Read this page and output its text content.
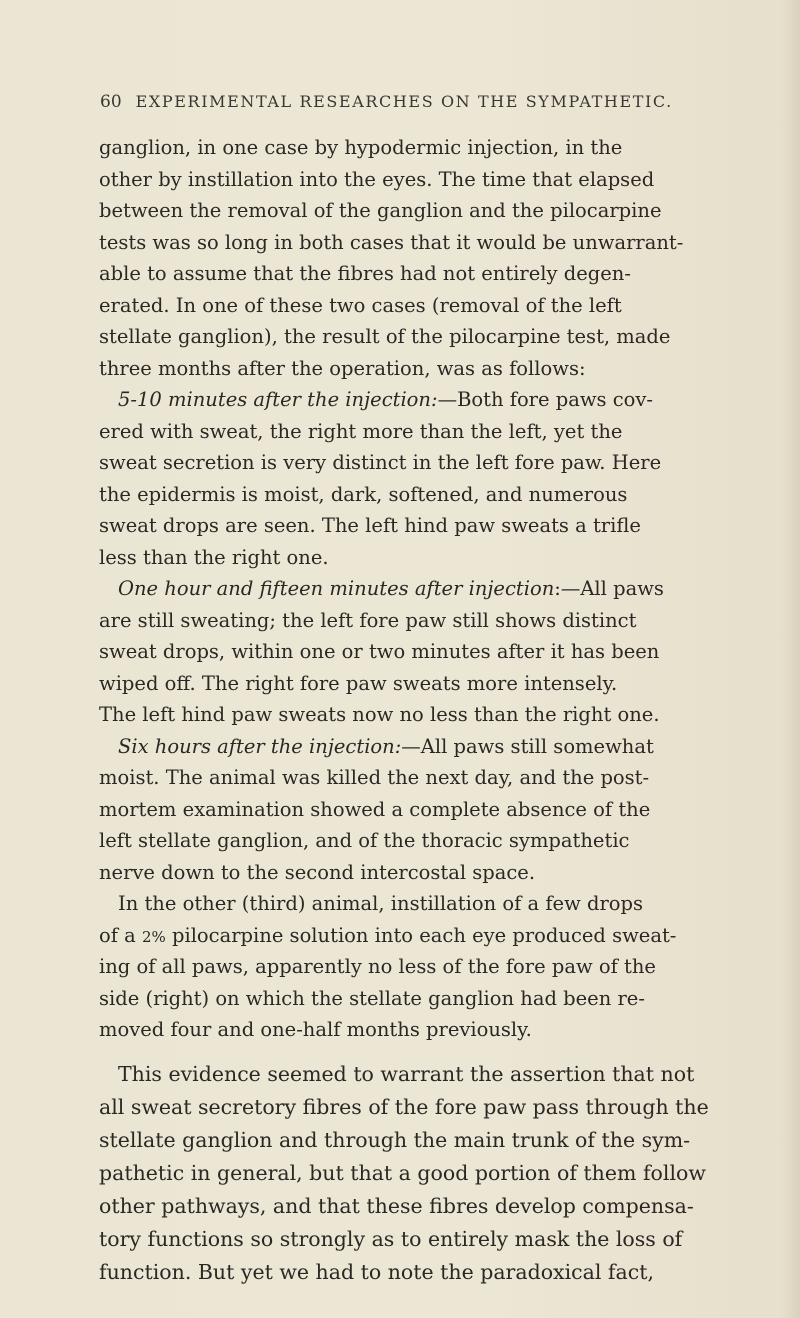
60 EXPERIMENTAL RESEARCHES ON THE SYMPATHETIC.
ganglion, in one case by hypodermic injection, in the
other by instillation into the eyes. The time that elapsed
between the removal of the ganglion and the pilocarpine
tests was so long in both cases that it would be unwarrant-
able to assume that the fibres had not entirely degen-
erated. In one of these two cases (removal of the left
stellate ganglion), the result of the pilocarpine test, made
three months after the operation, was as follows:
5-10 minutes after the injection:—Both fore paws cov-
ered with sweat, the right more than the left, yet the
sweat secretion is very distinct in the left fore paw. Here
the epidermis is moist, dark, softened, and numerous
sweat drops are seen. The left hind paw sweats a trifle
less than the right one.
One hour and fifteen minutes after injection:—All paws
are still sweating; the left fore paw still shows distinct
sweat drops, within one or two minutes after it has been
wiped off. The right fore paw sweats more intensely.
The left hind paw sweats now no less than the right one.
Six hours after the injection:—All paws still somewhat
moist. The animal was killed the next day, and the post-
mortem examination showed a complete absence of the
left stellate ganglion, and of the thoracic sympathetic
nerve down to the second intercostal space.
In the other (third) animal, instillation of a few drops
of a 2% pilocarpine solution into each eye produced sweat-
ing of all paws, apparently no less of the fore paw of the
side (right) on which the stellate ganglion had been re-
moved four and one-half months previously.
This evidence seemed to warrant the assertion that not
all sweat secretory fibres of the fore paw pass through the
stellate ganglion and through the main trunk of the sym-
pathetic in general, but that a good portion of them follow
other pathways, and that these fibres develop compensa-
tory functions so strongly as to entirely mask the loss of
function. But yet we had to note the paradoxical fact,
